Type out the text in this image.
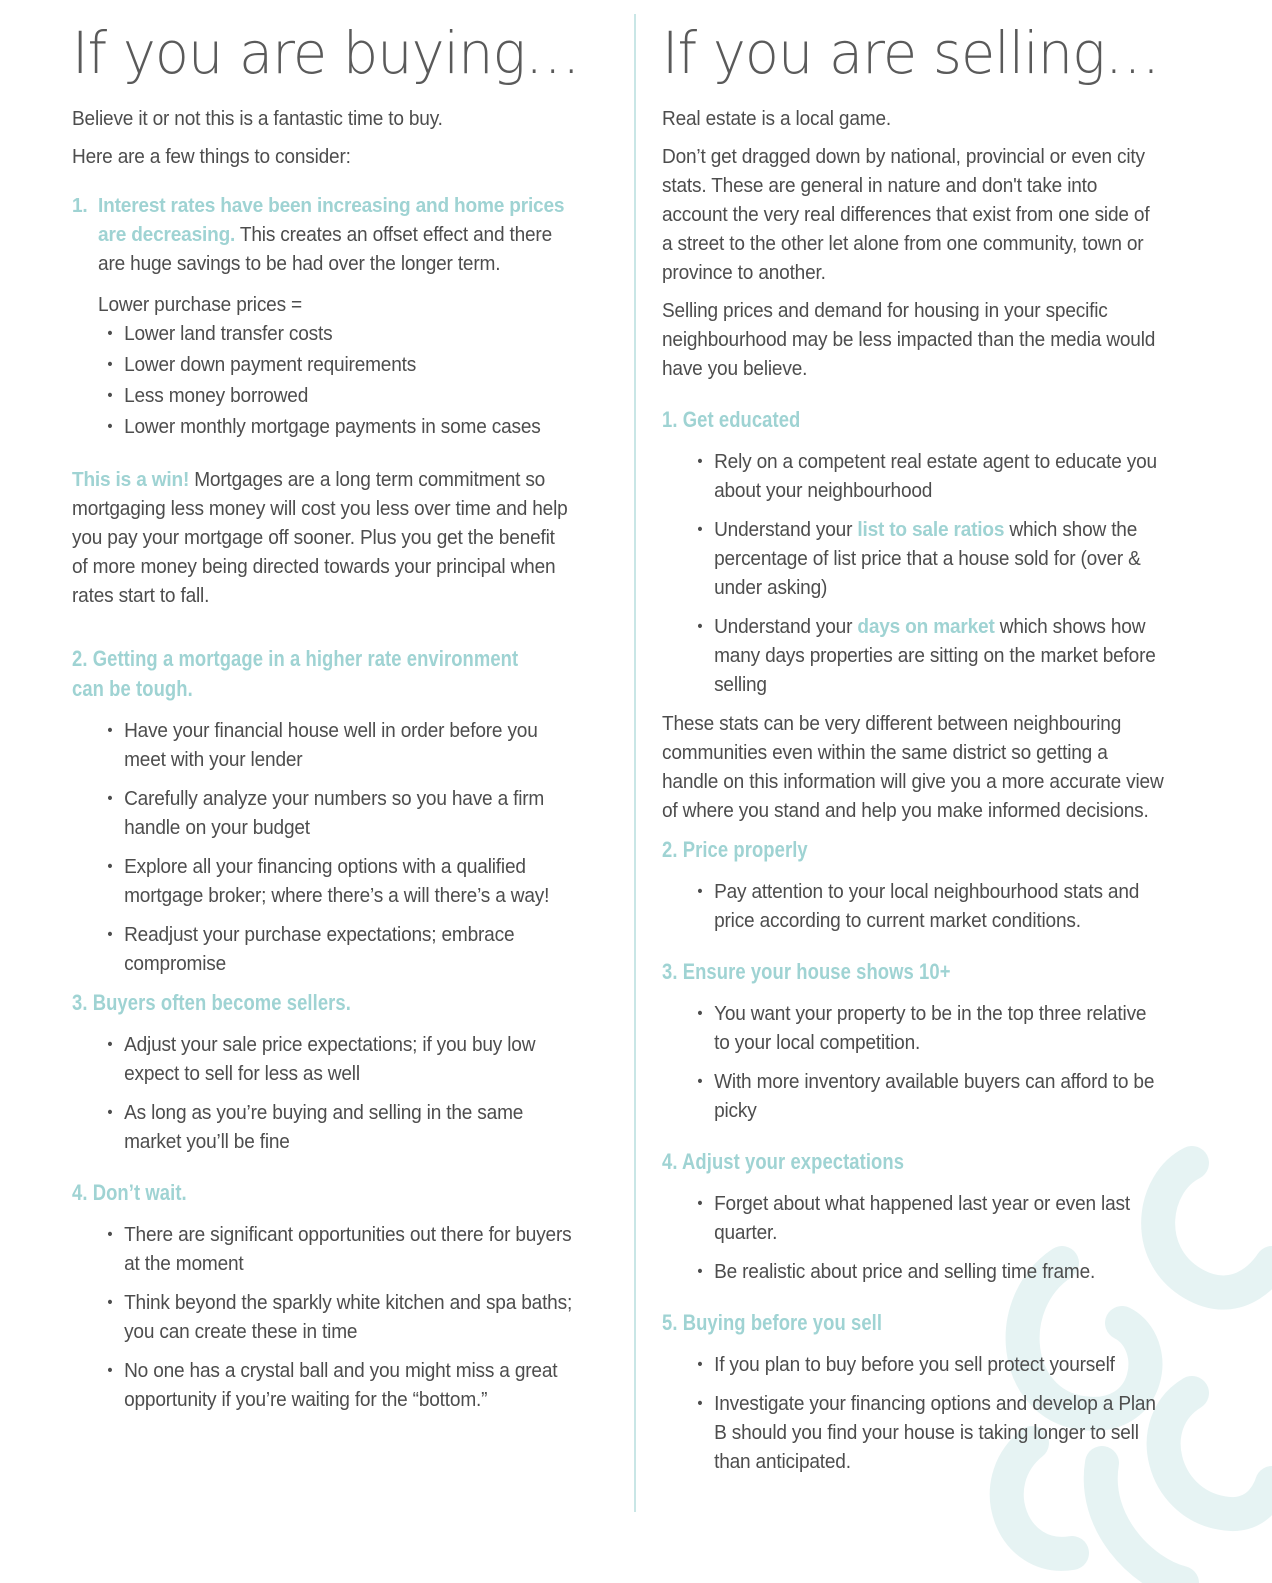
If you are buying…

Believe it or not this is a fantastic time to buy.

Here are a few things to consider:

1. Interest rates have been increasing and home prices are decreasing. This creates an offset effect and there are huge savings to be had over the longer term.
Lower purchase prices =
• Lower land transfer costs
• Lower down payment requirements
• Less money borrowed
• Lower monthly mortgage payments in some cases

This is a win! Mortgages are a long term commitment so mortgaging less money will cost you less over time and help you pay your mortgage off sooner. Plus you get the benefit of more money being directed towards your principal when rates start to fall.

2. Getting a mortgage in a higher rate environment can be tough.
• Have your financial house well in order before you meet with your lender
• Carefully analyze your numbers so you have a firm handle on your budget
• Explore all your financing options with a qualified mortgage broker; where there’s a will there’s a way!
• Readjust your purchase expectations; embrace compromise
3. Buyers often become sellers.
• Adjust your sale price expectations; if you buy low expect to sell for less as well
• As long as you’re buying and selling in the same market you’ll be fine
4. Don’t wait.
• There are significant opportunities out there for buyers at the moment
• Think beyond the sparkly white kitchen and spa baths; you can create these in time
• No one has a crystal ball and you might miss a great opportunity if you’re waiting for the “bottom.”
If you are selling…

Real estate is a local game.

Don’t get dragged down by national, provincial or even city stats. These are general in nature and don't take into account the very real differences that exist from one side of a street to the other let alone from one community, town or province to another.

Selling prices and demand for housing in your specific neighbourhood may be less impacted than the media would have you believe.

1. Get educated
• Rely on a competent real estate agent to educate you about your neighbourhood
• Understand your list to sale ratios which show the percentage of list price that a house sold for (over & under asking)
• Understand your days on market which shows how many days properties are sitting on the market before selling

These stats can be very different between neighbouring communities even within the same district so getting a handle on this information will give you a more accurate view of where you stand and help you make informed decisions.

2. Price properly
• Pay attention to your local neighbourhood stats and price according to current market conditions.
3. Ensure your house shows 10+
• You want your property to be in the top three relative to your local competition.
• With more inventory available buyers can afford to be picky
4. Adjust your expectations
• Forget about what happened last year or even last quarter.
• Be realistic about price and selling time frame.
5. Buying before you sell
• If you plan to buy before you sell protect yourself
• Investigate your financing options and develop a Plan B should you find your house is taking longer to sell than anticipated.
